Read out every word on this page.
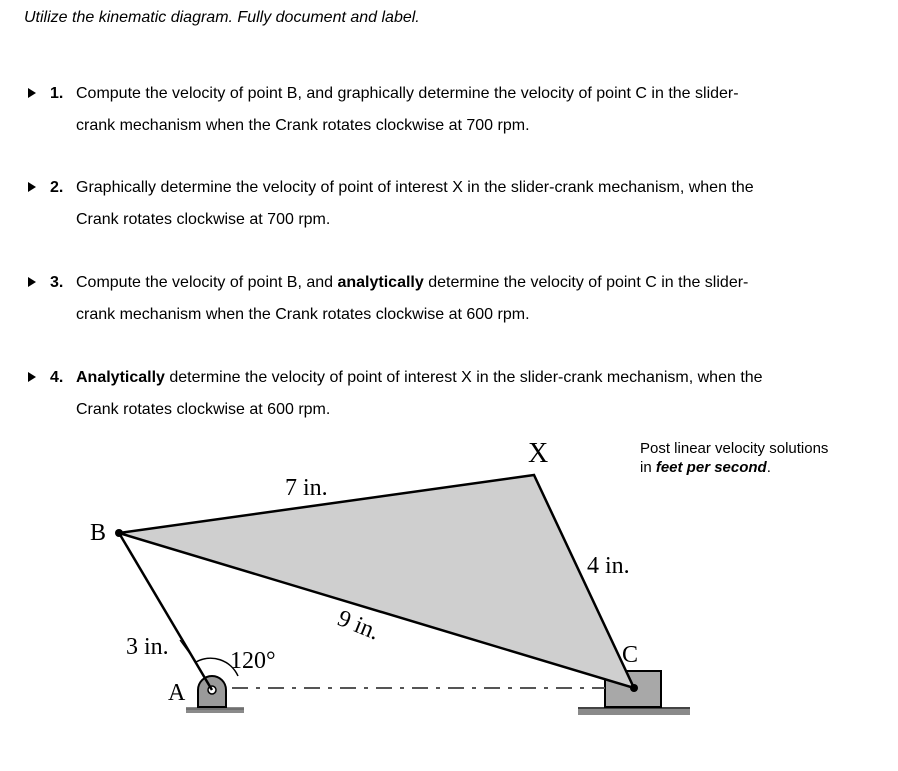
Utilize the kinematic diagram. Fully document and label.
1. Compute the velocity of point B, and graphically determine the velocity of point C in the slider-
crank mechanism when the Crank rotates clockwise at 700 rpm.
2. Graphically determine the velocity of point of interest X in the slider-crank mechanism, when the
Crank rotates clockwise at 700 rpm.
3. Compute the velocity of point B, and analytically determine the velocity of point C in the slider-
crank mechanism when the Crank rotates clockwise at 600 rpm.
4. Analytically determine the velocity of point of interest X in the slider-crank mechanism, when the
Crank rotates clockwise at 600 rpm.
Post linear velocity solutions
in feet per second.
B
A
C
X
7 in.
4 in.
9 in.
3 in.
120°
